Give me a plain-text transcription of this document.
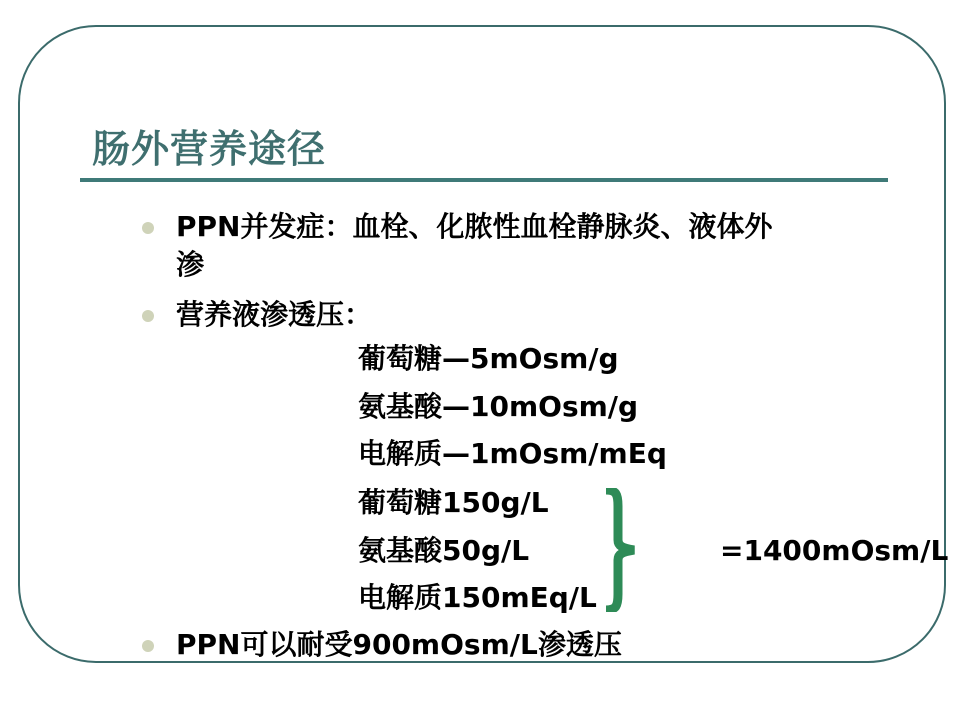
肠外营养途径
PPN并发症：血栓、化脓性血栓静脉炎、液体外
渗
营养液渗透压：
葡萄糖—5mOsm/g
氨基酸—10mOsm/g
电解质—1mOsm/mEq
葡萄糖150g/L
氨基酸50g/L
电解质150mEq/L
=1400mOsm/L
PPN可以耐受900mOsm/L渗透压
